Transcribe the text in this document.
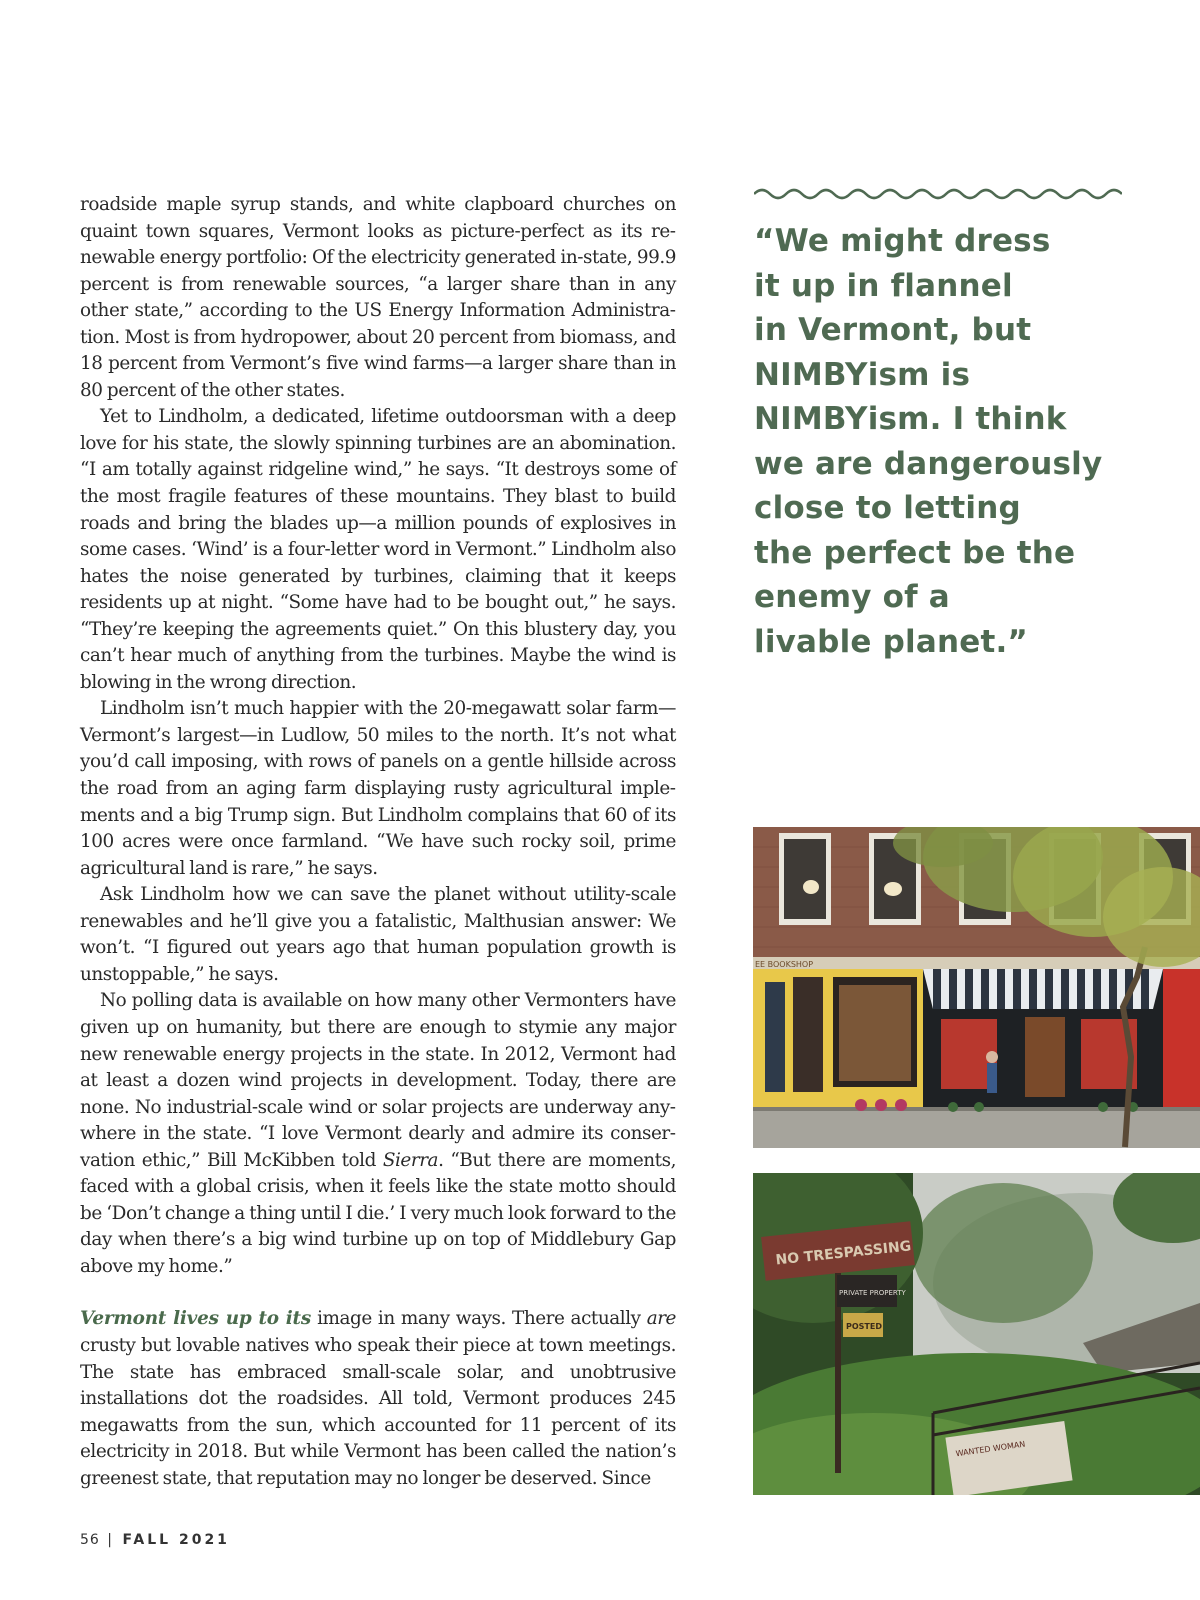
roadside maple syrup stands, and white clapboard churches on quaint town squares, Vermont looks as picture-perfect as its renewable energy portfolio: Of the electricity generated in-state, 99.9 percent is from renewable sources, “a larger share than in any other state,” according to the US Energy Information Administration. Most is from hydropower, about 20 percent from biomass, and 18 percent from Vermont’s five wind farms—a larger share than in 80 percent of the other states.

Yet to Lindholm, a dedicated, lifetime outdoorsman with a deep love for his state, the slowly spinning turbines are an abomination. “I am totally against ridgeline wind,” he says. “It destroys some of the most fragile features of these mountains. They blast to build roads and bring the blades up—a million pounds of explosives in some cases. ‘Wind’ is a four-letter word in Vermont.” Lindholm also hates the noise generated by turbines, claiming that it keeps residents up at night. “Some have had to be bought out,” he says. “They’re keeping the agreements quiet.” On this blustery day, you can’t hear much of anything from the turbines. Maybe the wind is blowing in the wrong direction.

Lindholm isn’t much happier with the 20-megawatt solar farm—Vermont’s largest—in Ludlow, 50 miles to the north. It’s not what you’d call imposing, with rows of panels on a gentle hillside across the road from an aging farm displaying rusty agricultural implements and a big Trump sign. But Lindholm complains that 60 of its 100 acres were once farmland. “We have such rocky soil, prime agricultural land is rare,” he says.

Ask Lindholm how we can save the planet without utility-scale renewables and he’ll give you a fatalistic, Malthusian answer: We won’t. “I figured out years ago that human population growth is unstoppable,” he says.

No polling data is available on how many other Vermonters have given up on humanity, but there are enough to stymie any major new renewable energy projects in the state. In 2012, Vermont had at least a dozen wind projects in development. Today, there are none. No industrial-scale wind or solar projects are underway anywhere in the state. “I love Vermont dearly and admire its conservation ethic,” Bill McKibben told Sierra. “But there are moments, faced with a global crisis, when it feels like the state motto should be ‘Don’t change a thing until I die.’ I very much look forward to the day when there’s a big wind turbine up on top of Middlebury Gap above my home.”

Vermont lives up to its image in many ways. There actually are crusty but lovable natives who speak their piece at town meetings. The state has embraced small-scale solar, and unobtrusive installations dot the roadsides. All told, Vermont produces 245 megawatts from the sun, which accounted for 11 percent of its electricity in 2018. But while Vermont has been called the nation’s greenest state, that reputation may no longer be deserved. Since

“We might dress
it up in flannel
in Vermont, but
NIMBYism is
NIMBYism. I think
we are dangerously
close to letting
the perfect be the
enemy of a
livable planet.”
EE BOOKSHOP
NO TRESPASSING
PRIVATE PROPERTY
POSTED
WANTED WOMAN
56 | FALL 2021
